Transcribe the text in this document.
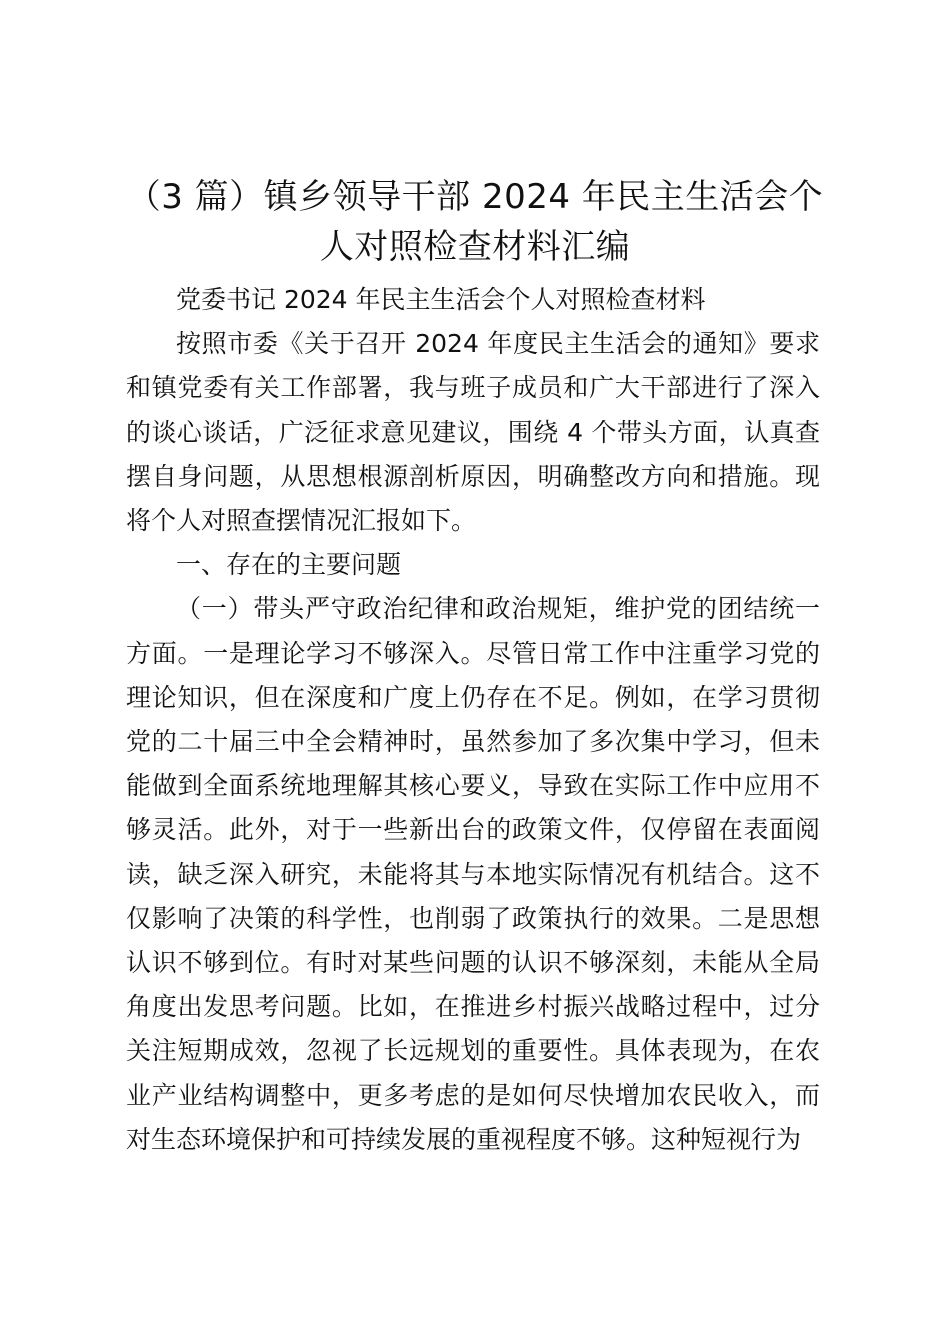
（3 篇）镇乡领导干部 2024 年民主生活会个人对照检查材料汇编

党委书记 2024 年民主生活会个人对照检查材料

按照市委《关于召开 2024 年度民主生活会的通知》要求和镇党委有关工作部署，我与班子成员和广大干部进行了深入的谈心谈话，广泛征求意见建议，围绕 4 个带头方面，认真查摆自身问题，从思想根源剖析原因，明确整改方向和措施。现将个人对照查摆情况汇报如下。

一、存在的主要问题

（一）带头严守政治纪律和政治规矩，维护党的团结统一方面。一是理论学习不够深入。尽管日常工作中注重学习党的理论知识，但在深度和广度上仍存在不足。例如，在学习贯彻党的二十届三中全会精神时，虽然参加了多次集中学习，但未能做到全面系统地理解其核心要义，导致在实际工作中应用不够灵活。此外，对于一些新出台的政策文件，仅停留在表面阅读，缺乏深入研究，未能将其与本地实际情况有机结合。这不仅影响了决策的科学性，也削弱了政策执行的效果。二是思想认识不够到位。有时对某些问题的认识不够深刻，未能从全局角度出发思考问题。比如，在推进乡村振兴战略过程中，过分关注短期成效，忽视了长远规划的重要性。具体表现为，在农业产业结构调整中，更多考虑的是如何尽快增加农民收入，而对生态环境保护和可持续发展的重视程度不够。这种短视行为
